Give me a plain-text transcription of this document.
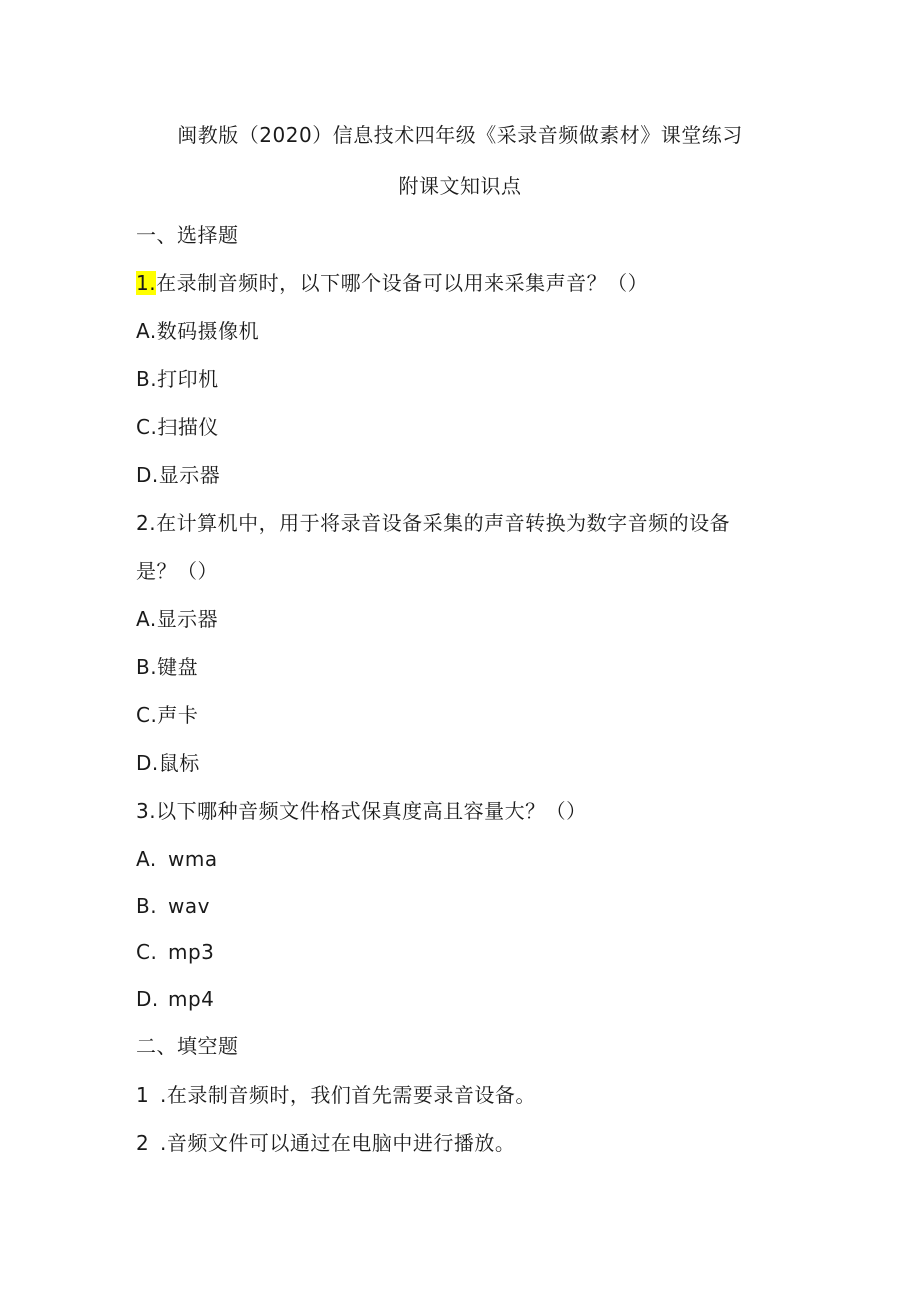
闽教版（2020）信息技术四年级《采录音频做素材》课堂练习
附课文知识点
一、选择题
1.在录制音频时，以下哪个设备可以用来采集声音？（）
A.数码摄像机
B.打印机
C.扫描仪
D.显示器
2.在计算机中，用于将录音设备采集的声音转换为数字音频的设备
是？（）
A.显示器
B.键盘
C.声卡
D.鼠标
3.以下哪种音频文件格式保真度高且容量大？（）
A. wma
B. wav
C. mp3
D. mp4
二、填空题
1 .在录制音频时，我们首先需要录音设备。
2 .音频文件可以通过在电脑中进行播放。
